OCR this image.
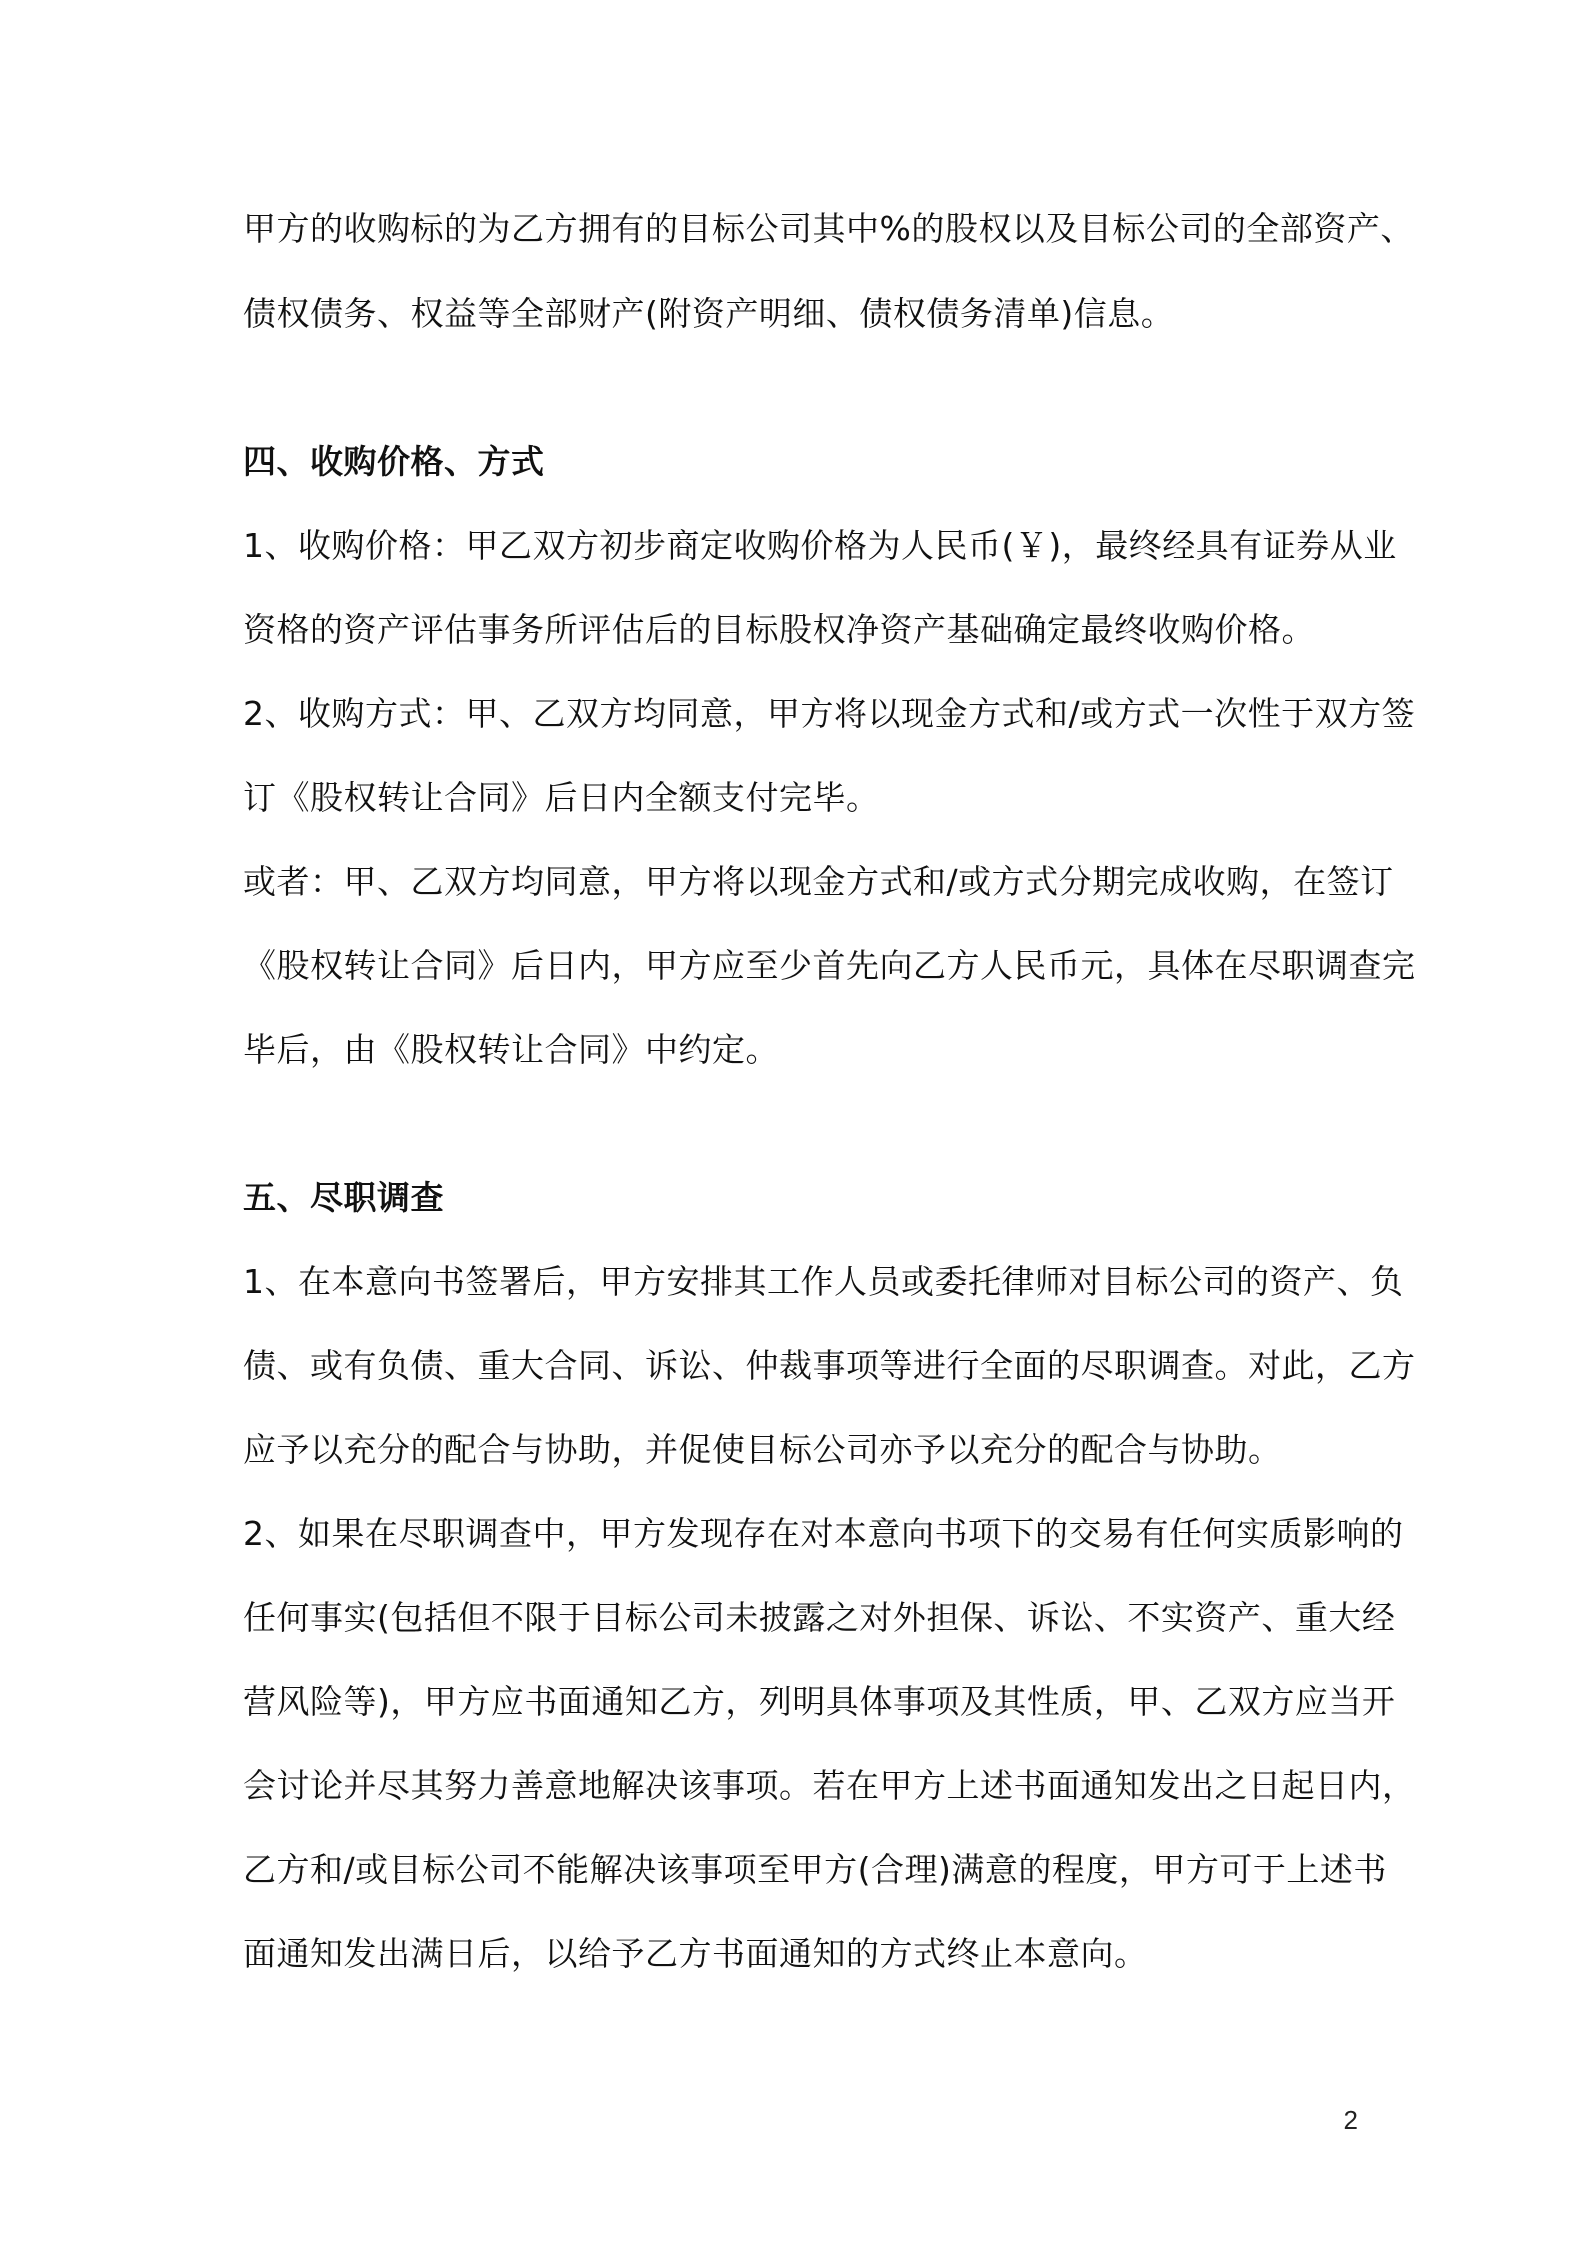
甲方的收购标的为乙方拥有的目标公司其中%的股权以及目标公司的全部资产、
债权债务、权益等全部财产(附资产明细、债权债务清单)信息。
四、收购价格、方式
1、收购价格：甲乙双方初步商定收购价格为人民币(￥)，最终经具有证券从业
资格的资产评估事务所评估后的目标股权净资产基础确定最终收购价格。
2、收购方式：甲、乙双方均同意，甲方将以现金方式和/或方式一次性于双方签
订《股权转让合同》后日内全额支付完毕。
或者：甲、乙双方均同意，甲方将以现金方式和/或方式分期完成收购，在签订
《股权转让合同》后日内，甲方应至少首先向乙方人民币元，具体在尽职调查完
毕后，由《股权转让合同》中约定。
五、尽职调查
1、在本意向书签署后，甲方安排其工作人员或委托律师对目标公司的资产、负
债、或有负债、重大合同、诉讼、仲裁事项等进行全面的尽职调查。对此，乙方
应予以充分的配合与协助，并促使目标公司亦予以充分的配合与协助。
2、如果在尽职调查中，甲方发现存在对本意向书项下的交易有任何实质影响的
任何事实(包括但不限于目标公司未披露之对外担保、诉讼、不实资产、重大经
营风险等)，甲方应书面通知乙方，列明具体事项及其性质，甲、乙双方应当开
会讨论并尽其努力善意地解决该事项。若在甲方上述书面通知发出之日起日内，
乙方和/或目标公司不能解决该事项至甲方(合理)满意的程度，甲方可于上述书
面通知发出满日后，以给予乙方书面通知的方式终止本意向。
2
